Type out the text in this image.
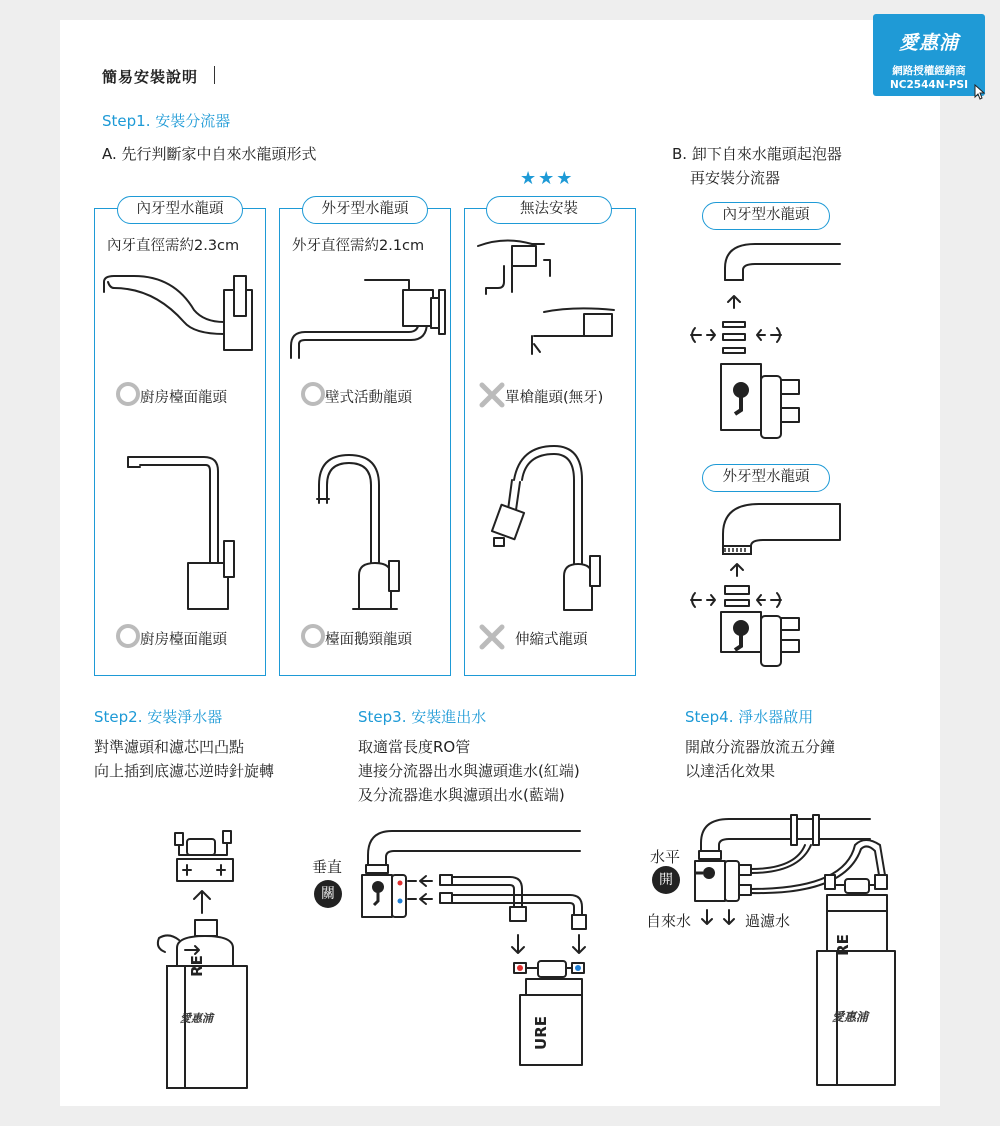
愛惠浦
網路授權經銷商
NC2544N-PSI
簡易安裝說明
Step1. 安裝分流器
A. 先行判斷家中自來水龍頭形式	B. 卸下自來水龍頭起泡器
再安裝分流器
★★★
內牙型水龍頭	外牙型水龍頭	無法安裝
內牙直徑需約2.3cm	外牙直徑需約2.1cm
廚房檯面龍頭
廚房檯面龍頭
壁式活動龍頭
檯面鵝頸龍頭
單槍龍頭(無牙)
伸縮式龍頭
內牙型水龍頭
外牙型水龍頭
Step2. 安裝淨水器
對準濾頭和濾芯凹凸點
向上插到底濾芯逆時針旋轉
RE
愛惠浦
Step3. 安裝進出水
取適當長度RO管
連接分流器出水與濾頭進水(紅端)
及分流器進水與濾頭出水(藍端)
垂直
關
URE
Step4. 淨水器啟用
開啟分流器放流五分鐘
以達活化效果
水平
開
自來水	過濾水
RE
愛惠浦
